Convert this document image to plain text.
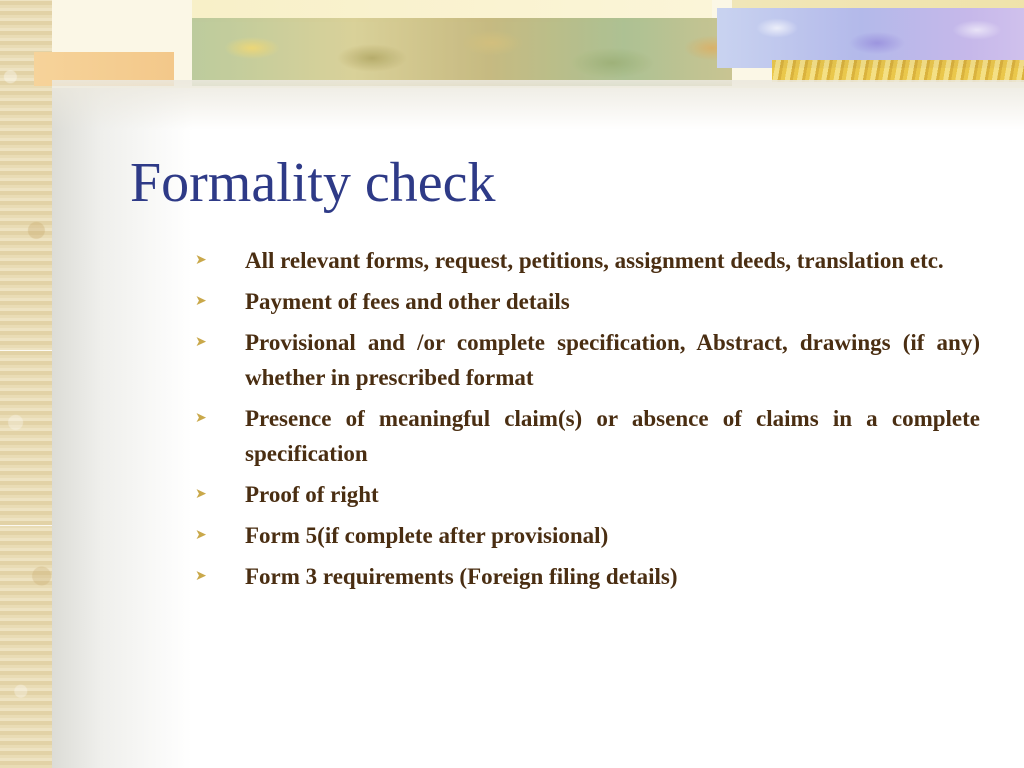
Formality check
➤	All relevant forms, request, petitions, assignment deeds, translation etc.
➤	Payment of fees and other details
➤	Provisional and /or complete specification, Abstract, drawings (if any) whether in prescribed format
➤	Presence of meaningful claim(s) or absence of claims in a complete specification
➤	Proof of right
➤	Form 5(if complete after provisional)
➤	Form 3 requirements (Foreign filing details)
